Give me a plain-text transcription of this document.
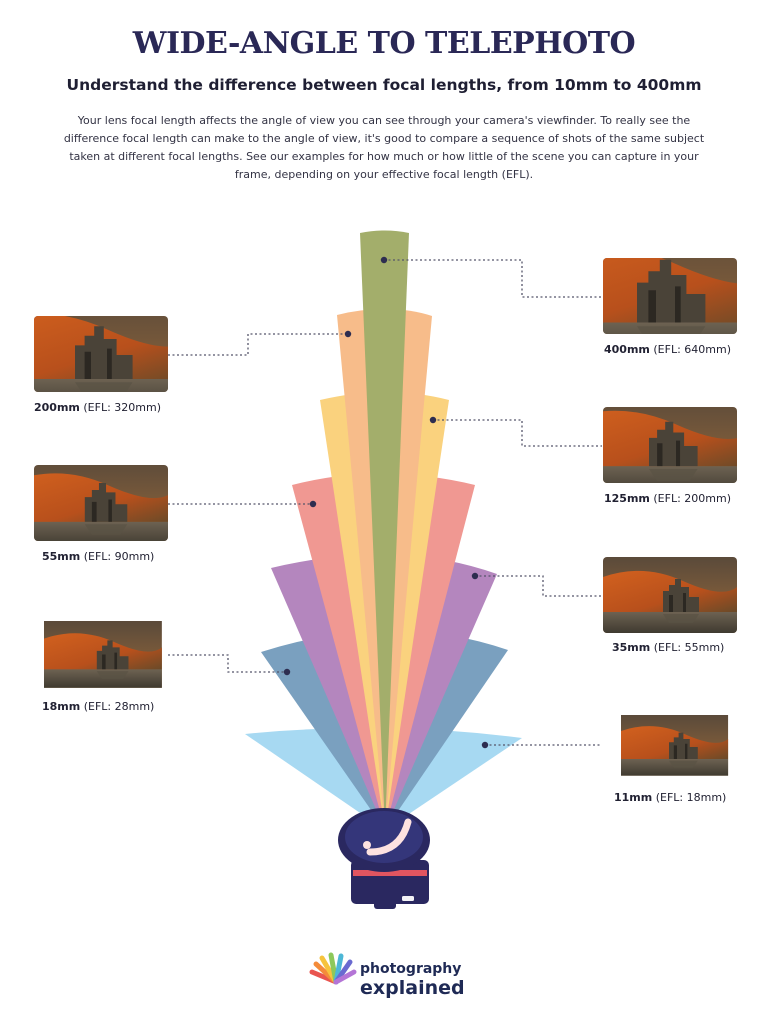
WIDE-ANGLE TO TELEPHOTO
Understand the difference between focal lengths, from 10mm to 400mm
Your lens focal length affects the angle of view you can see through your camera's viewfinder. To really see the difference focal length can make to the angle of view, it's good to compare a sequence of shots of the same subject taken at different focal lengths. See our examples for how much or how little of the scene you can capture in your frame, depending on your effective focal length (EFL).
400mm (EFL: 640mm)
200mm (EFL: 320mm)
125mm (EFL: 200mm)
55mm (EFL: 90mm)
35mm (EFL: 55mm)
18mm (EFL: 28mm)
11mm (EFL: 18mm)
photography
explained
